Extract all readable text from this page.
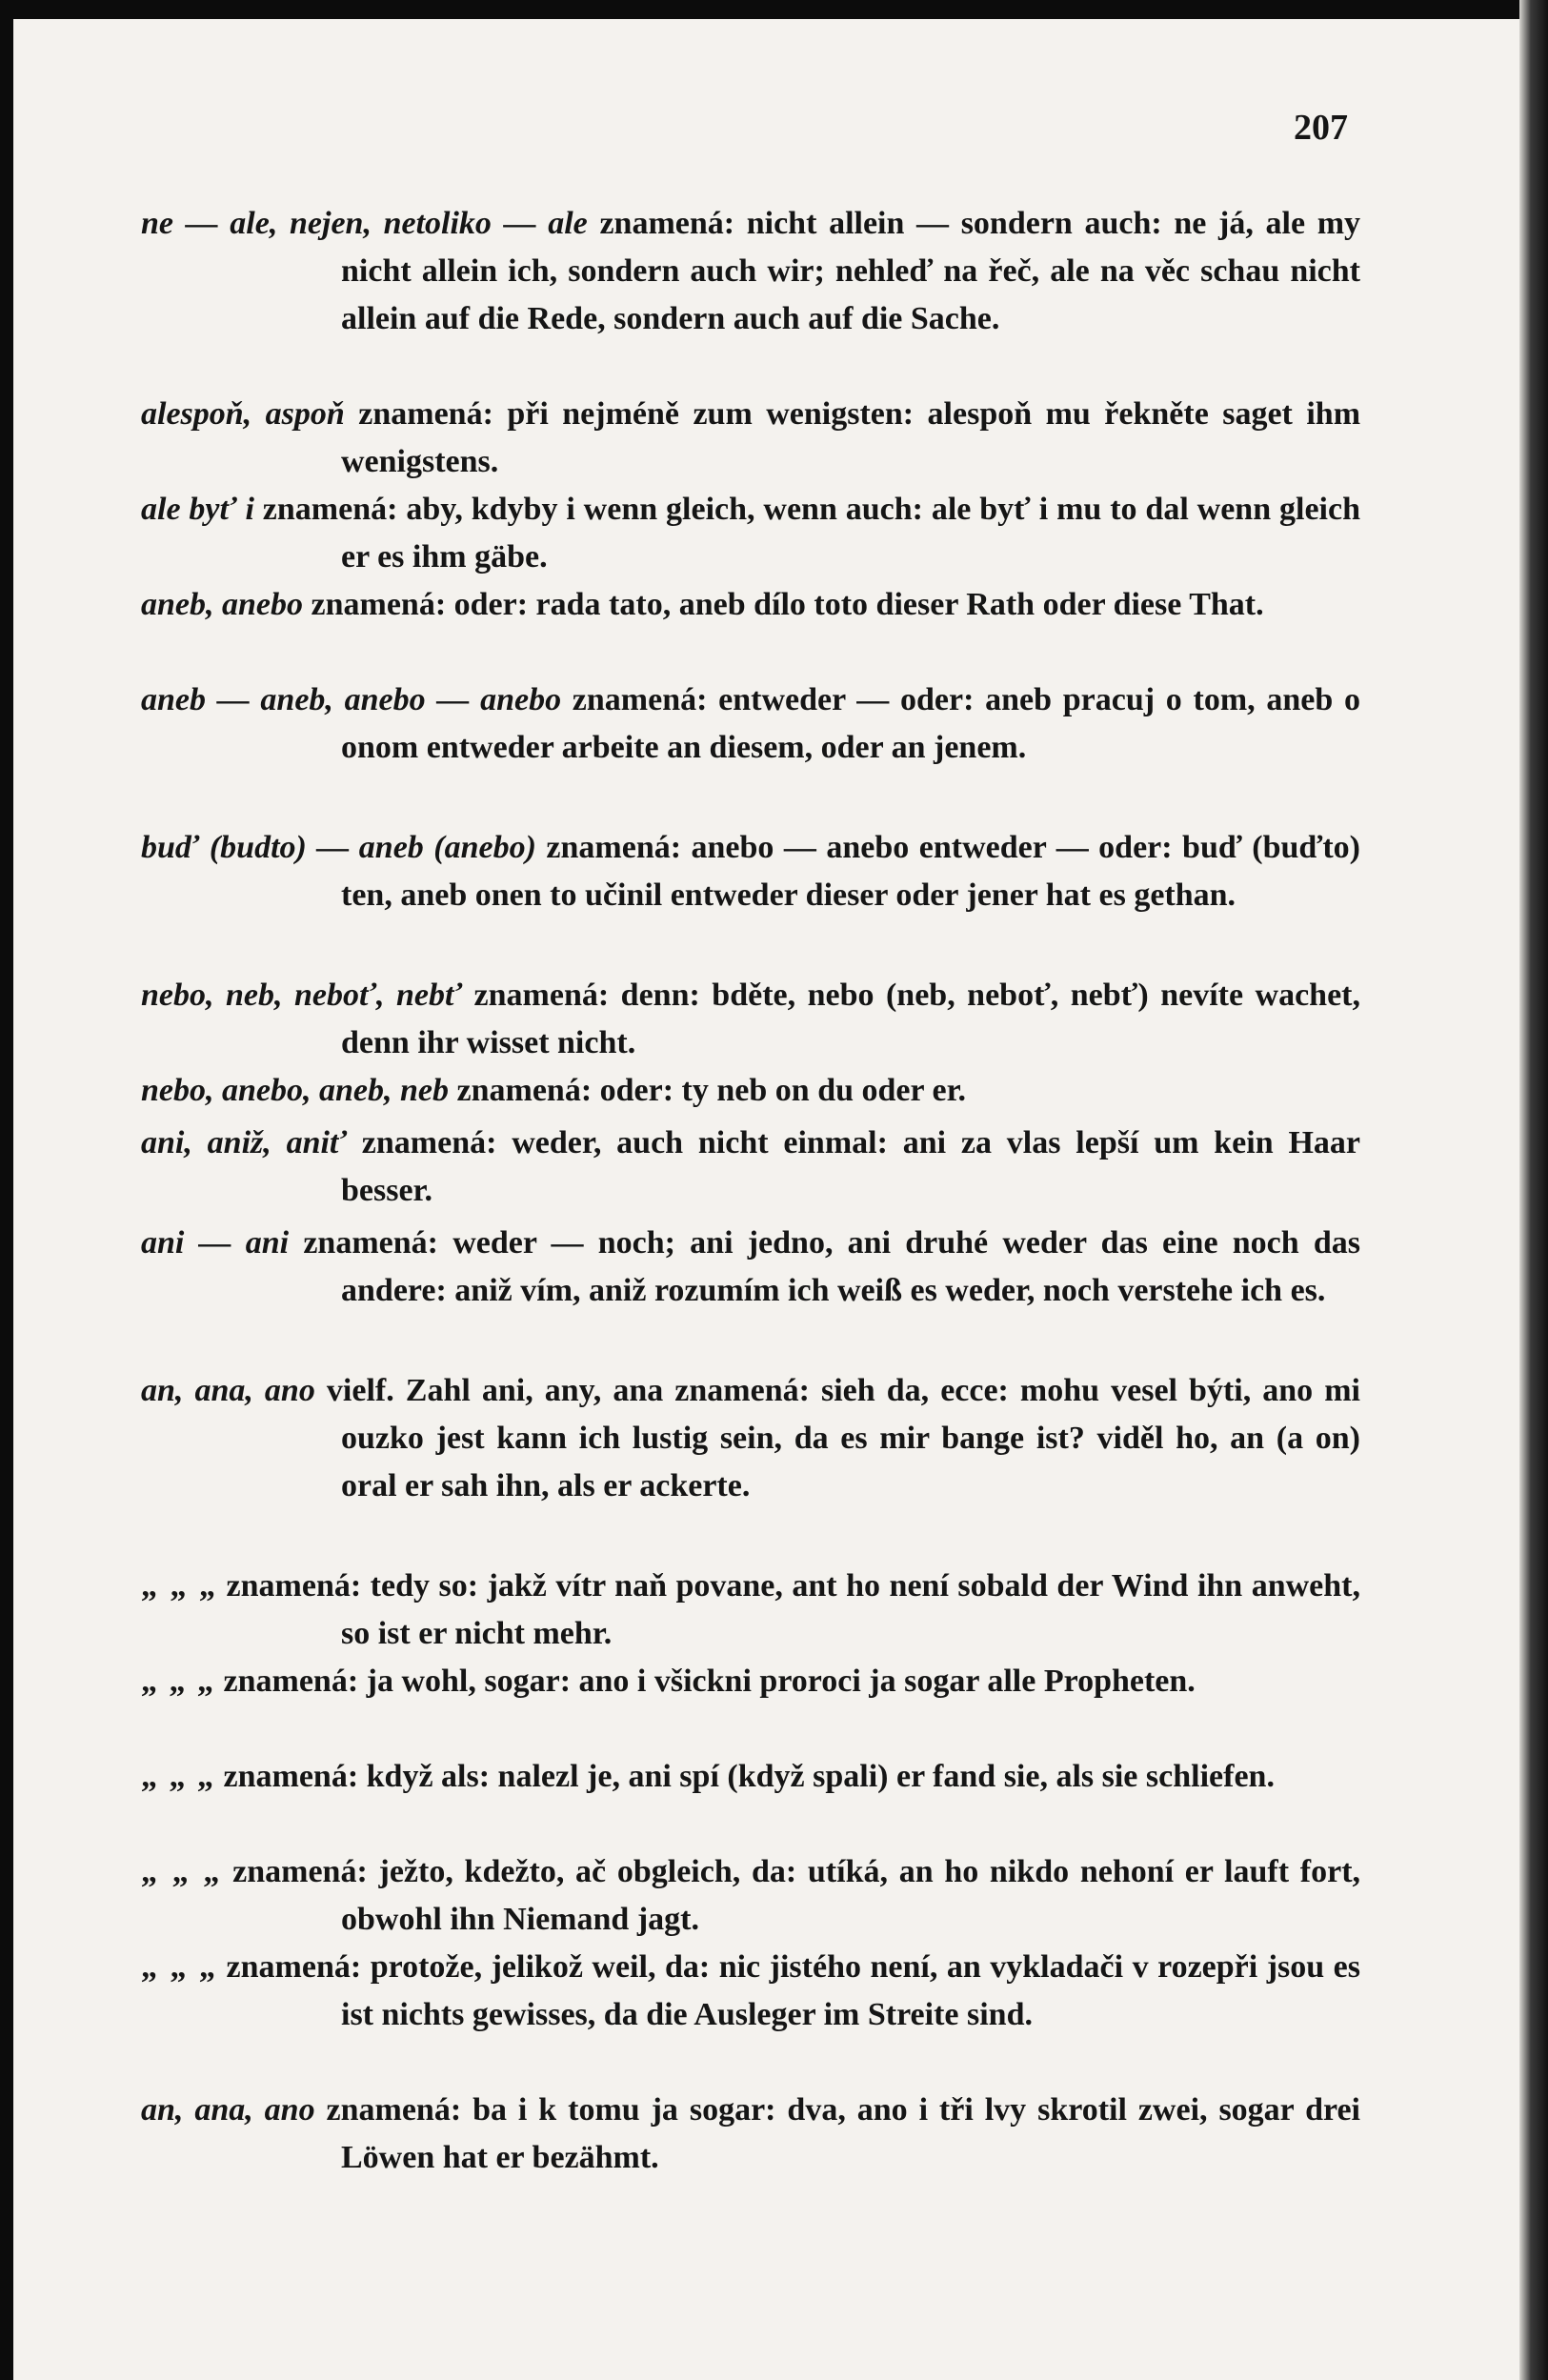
207
ne — ale, nejen, netoliko — ale znamená: nicht allein — sondern auch: ne já, ale my nicht allein ich, sondern auch wir; nehleď na řeč, ale na věc schau nicht allein auf die Rede, sondern auch auf die Sache.
alespoň, aspoň znamená: při nejméně zum wenigsten: alespoň mu řekněte saget ihm wenigstens.
ale byť i znamená: aby, kdyby i wenn gleich, wenn auch: ale byť i mu to dal wenn gleich er es ihm gäbe.
aneb, anebo znamená: oder: rada tato, aneb dílo toto dieser Rath oder diese That.
aneb — aneb, anebo — anebo znamená: entweder — oder: aneb pracuj o tom, aneb o onom entweder arbeite an diesem, oder an jenem.
buď (budto) — aneb (anebo) znamená: anebo — anebo entweder — oder: buď (buďto) ten, aneb onen to učinil entweder dieser oder jener hat es gethan.
nebo, neb, neboť, nebť znamená: denn: bděte, nebo (neb, neboť, nebť) nevíte wachet, denn ihr wisset nicht.
nebo, anebo, aneb, neb znamená: oder: ty neb on du oder er.
ani, aniž, aniť znamená: weder, auch nicht einmal: ani za vlas lepší um kein Haar besser.
ani — ani znamená: weder — noch; ani jedno, ani druhé weder das eine noch das andere: aniž vím, aniž rozumím ich weiß es weder, noch verstehe ich es.
an, ana, ano vielf. Zahl ani, any, ana znamená: sieh da, ecce: mohu vesel býti, ano mi ouzko jest kann ich lustig sein, da es mir bange ist? viděl ho, an (a on) oral er sah ihn, als er ackerte.
„ „ „ znamená: tedy so: jakž vítr naň povane, ant ho není sobald der Wind ihn anweht, so ist er nicht mehr.
„ „ „ znamená: ja wohl, sogar: ano i všickni proroci ja sogar alle Propheten.
„ „ „ znamená: když als: nalezl je, ani spí (když spali) er fand sie, als sie schliefen.
„ „ „ znamená: ježto, kdežto, ač obgleich, da: utíká, an ho nikdo nehoní er lauft fort, obwohl ihn Niemand jagt.
„ „ „ znamená: protože, jelikož weil, da: nic jistého není, an vykladači v rozepři jsou es ist nichts gewisses, da die Ausleger im Streite sind.
an, ana, ano znamená: ba i k tomu ja sogar: dva, ano i tři lvy skrotil zwei, sogar drei Löwen hat er bezähmt.
